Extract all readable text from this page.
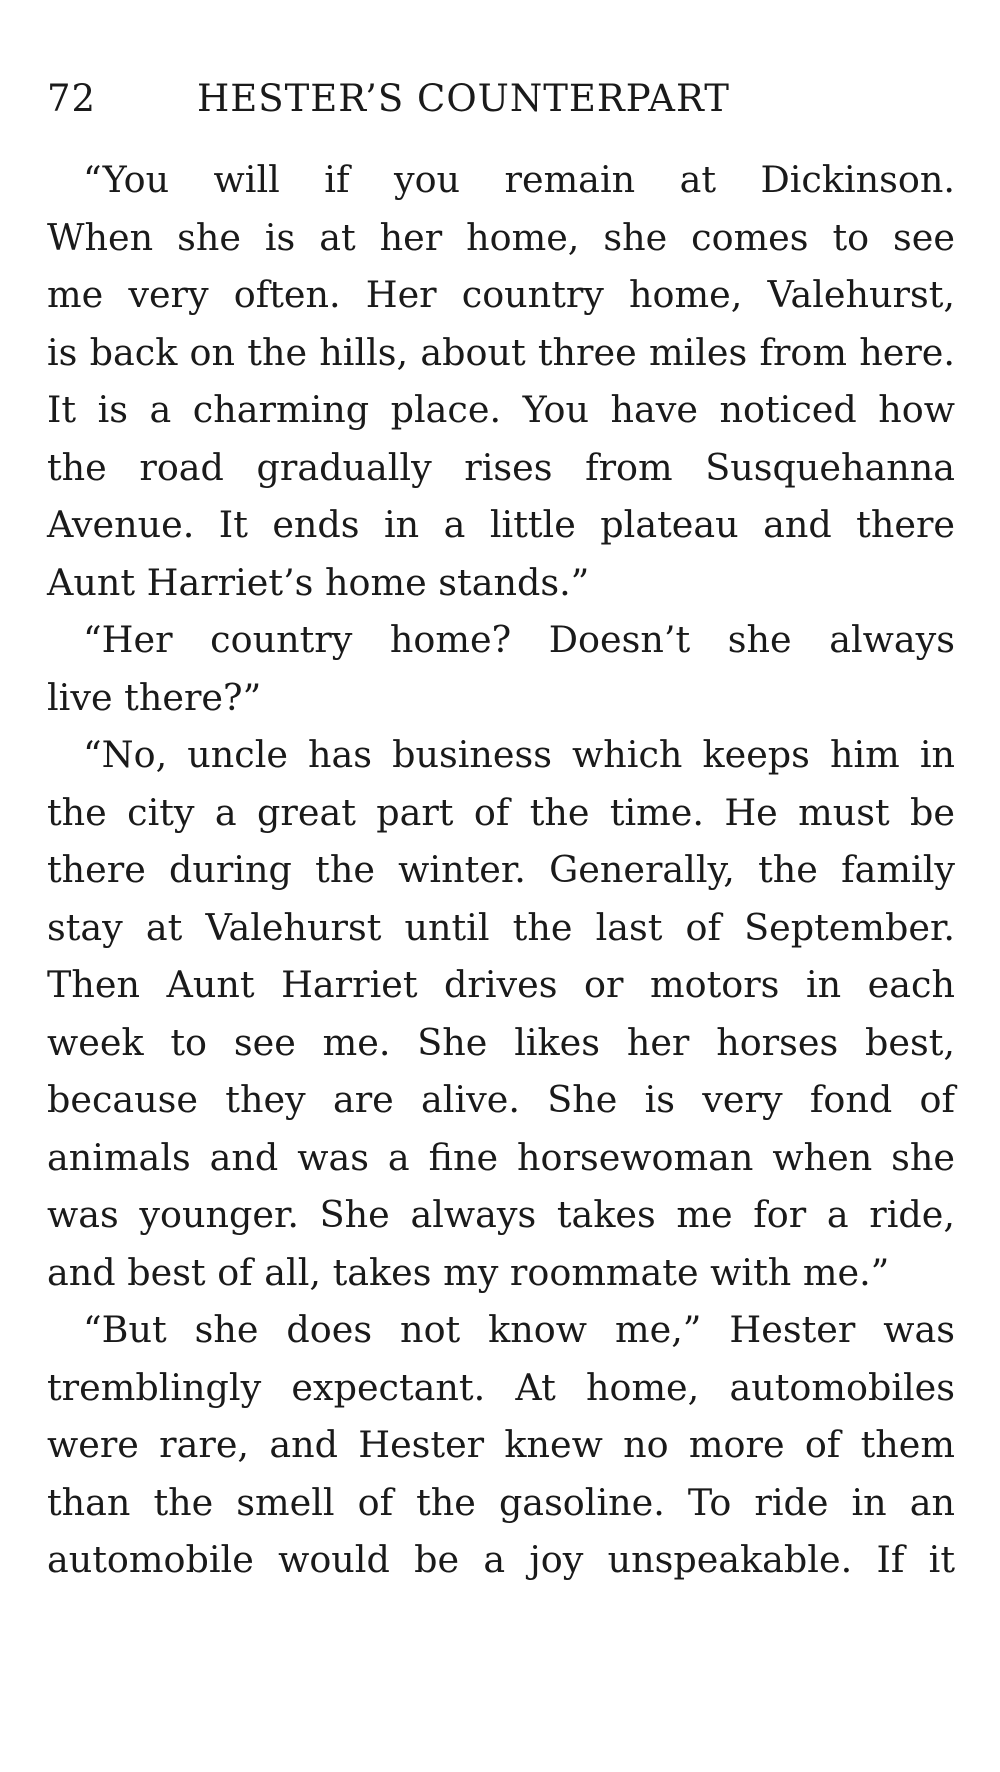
72	HESTER’S COUNTERPART

“You will if you remain at Dickinson.
When she is at her home, she comes to see
me very often. Her country home, Valehurst,
is back on the hills, about three miles from here.
It is a charming place. You have noticed how
the road gradually rises from Susquehanna
Avenue. It ends in a little plateau and there
Aunt Harriet’s home stands.”

“Her country home? Doesn’t she always
live there?”

“No, uncle has business which keeps him in
the city a great part of the time. He must be
there during the winter. Generally, the family
stay at Valehurst until the last of September.
Then Aunt Harriet drives or motors in each
week to see me. She likes her horses best,
because they are alive. She is very fond of
animals and was a fine horsewoman when she
was younger. She always takes me for a ride,
and best of all, takes my roommate with me.”

“But she does not know me,” Hester was
tremblingly expectant. At home, automobiles
were rare, and Hester knew no more of them
than the smell of the gasoline. To ride in an
automobile would be a joy unspeakable. If it
